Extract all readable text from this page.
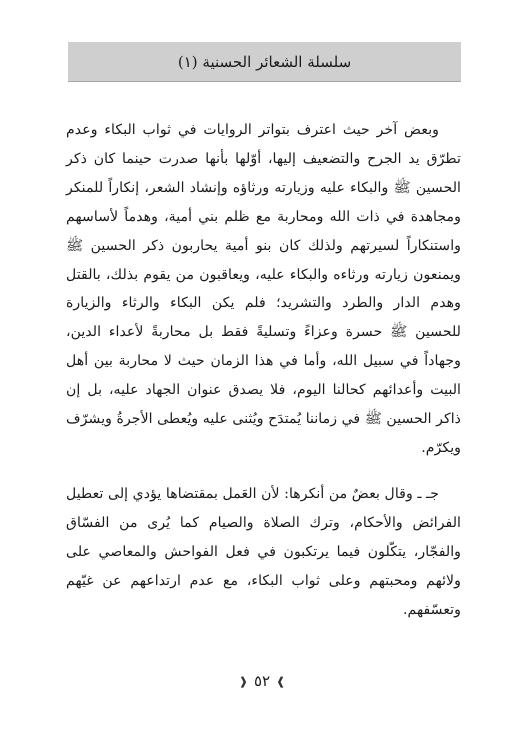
سلسلة الشعائر الحسنية (١)

وبعض آخر حيث اعترف بتواتر الروايات في ثواب البكاء وعدم تطرّق يد الجرح والتضعيف إليها، أوّلها بأنها صدرت حينما كان ذكر الحسين ﷺ والبكاء عليه وزيارته ورثاؤه وإنشاد الشعر، إنكاراً للمنكر ومجاهدة في ذات الله ومحاربة مع ظلم بني أمية، وهدماً لأساسهم واستنكاراً لسيرتهم ولذلك كان بنو أمية يحاربون ذكر الحسين ﷺ ويمنعون زيارته ورثاءه والبكاء عليه، ويعاقبون من يقوم بذلك، بالقتل وهدم الدار والطرد والتشريد؛ فلم يكن البكاء والرثاء والزيارة للحسين ﷺ حسرة وعزاءً وتسليةً فقط بل محاربةً لأعداء الدين، وجهاداً في سبيل الله، وأما في هذا الزمان حيث لا محاربة بين أهل البيت وأعدائهم كحالنا اليوم، فلا يصدق عنوان الجهاد عليه، بل إن ذاكر الحسين ﷺ في زماننا يُمتدَح ويُثنى عليه ويُعطى الأجرةُ ويشرّف ويكرّم.

جـ ـ وقال بعضٌ من أنكرها: لأن العَمل بمقتضاها يؤدي إلى تعطيل الفرائض والأحكام، وترك الصلاة والصيام كما يُرى من الفسّاق والفجّار، يتكّلون فيما يرتكبون في فعل الفواحش والمعاصي على ولائهم ومحبتهم وعلى ثواب البكاء، مع عدم ارتداعهم عن غيّهم وتعسّفهم.

❱
٥٢
❰
